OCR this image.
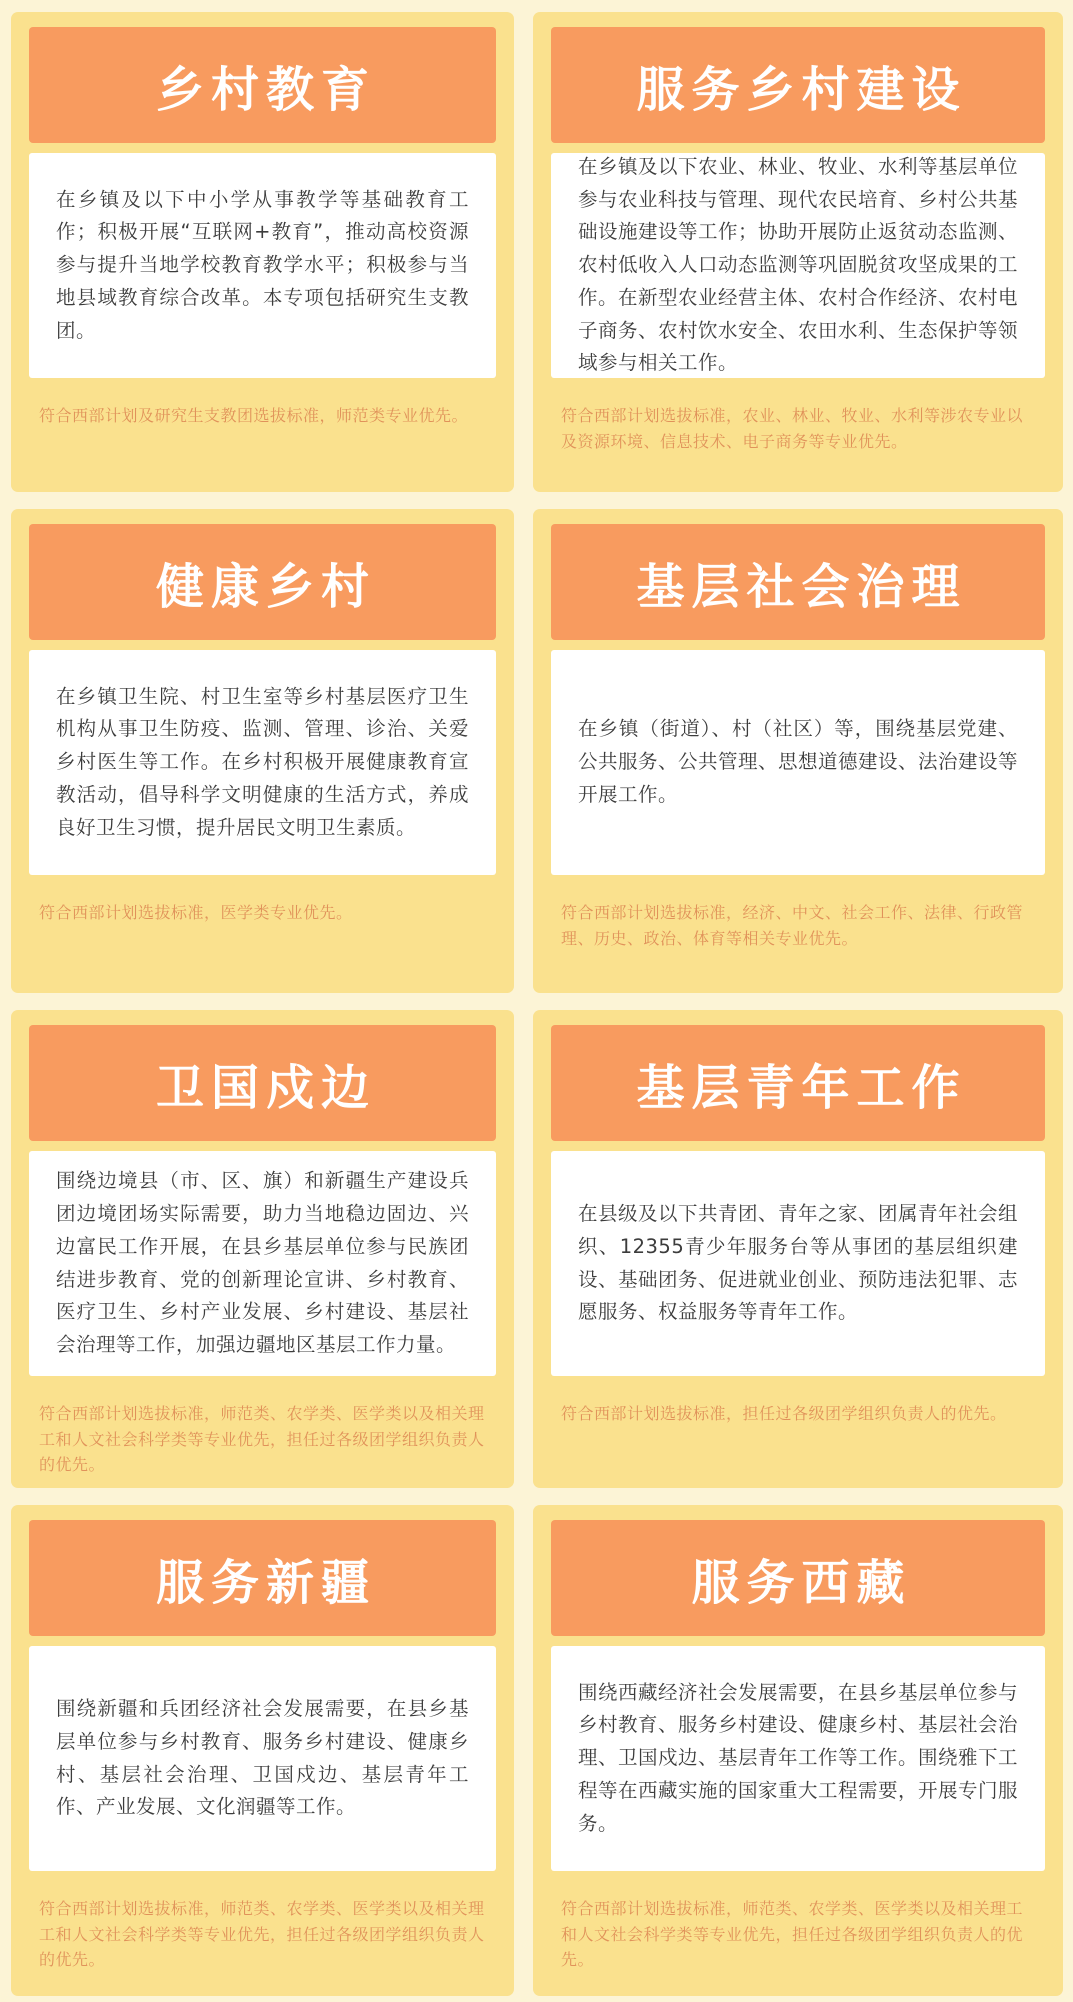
乡村教育
在乡镇及以下中小学从事教学等基础教育工作；积极开展“互联网+教育”，推动高校资源参与提升当地学校教育教学水平；积极参与当地县域教育综合改革。本专项包括研究生支教团。
符合西部计划及研究生支教团选拔标准，师范类专业优先。
服务乡村建设
在乡镇及以下农业、林业、牧业、水利等基层单位参与农业科技与管理、现代农民培育、乡村公共基础设施建设等工作；协助开展防止返贫动态监测、农村低收入人口动态监测等巩固脱贫攻坚成果的工作。在新型农业经营主体、农村合作经济、农村电子商务、农村饮水安全、农田水利、生态保护等领域参与相关工作。
符合西部计划选拔标准，农业、林业、牧业、水利等涉农专业以及资源环境、信息技术、电子商务等专业优先。
健康乡村
在乡镇卫生院、村卫生室等乡村基层医疗卫生机构从事卫生防疫、监测、管理、诊治、关爱乡村医生等工作。在乡村积极开展健康教育宣教活动，倡导科学文明健康的生活方式，养成良好卫生习惯，提升居民文明卫生素质。
符合西部计划选拔标准，医学类专业优先。
基层社会治理
在乡镇（街道）、村（社区）等，围绕基层党建、公共服务、公共管理、思想道德建设、法治建设等开展工作。
符合西部计划选拔标准，经济、中文、社会工作、法律、行政管理、历史、政治、体育等相关专业优先。
卫国戍边
围绕边境县（市、区、旗）和新疆生产建设兵团边境团场实际需要，助力当地稳边固边、兴边富民工作开展，在县乡基层单位参与民族团结进步教育、党的创新理论宣讲、乡村教育、医疗卫生、乡村产业发展、乡村建设、基层社会治理等工作，加强边疆地区基层工作力量。
符合西部计划选拔标准，师范类、农学类、医学类以及相关理工和人文社会科学类等专业优先，担任过各级团学组织负责人的优先。
基层青年工作
在县级及以下共青团、青年之家、团属青年社会组织、12355青少年服务台等从事团的基层组织建设、基础团务、促进就业创业、预防违法犯罪、志愿服务、权益服务等青年工作。
符合西部计划选拔标准，担任过各级团学组织负责人的优先。
服务新疆
围绕新疆和兵团经济社会发展需要，在县乡基层单位参与乡村教育、服务乡村建设、健康乡村、基层社会治理、卫国戍边、基层青年工作、产业发展、文化润疆等工作。
符合西部计划选拔标准，师范类、农学类、医学类以及相关理工和人文社会科学类等专业优先，担任过各级团学组织负责人的优先。
服务西藏
围绕西藏经济社会发展需要，在县乡基层单位参与乡村教育、服务乡村建设、健康乡村、基层社会治理、卫国戍边、基层青年工作等工作。围绕雅下工程等在西藏实施的国家重大工程需要，开展专门服务。
符合西部计划选拔标准，师范类、农学类、医学类以及相关理工和人文社会科学类等专业优先，担任过各级团学组织负责人的优先。
